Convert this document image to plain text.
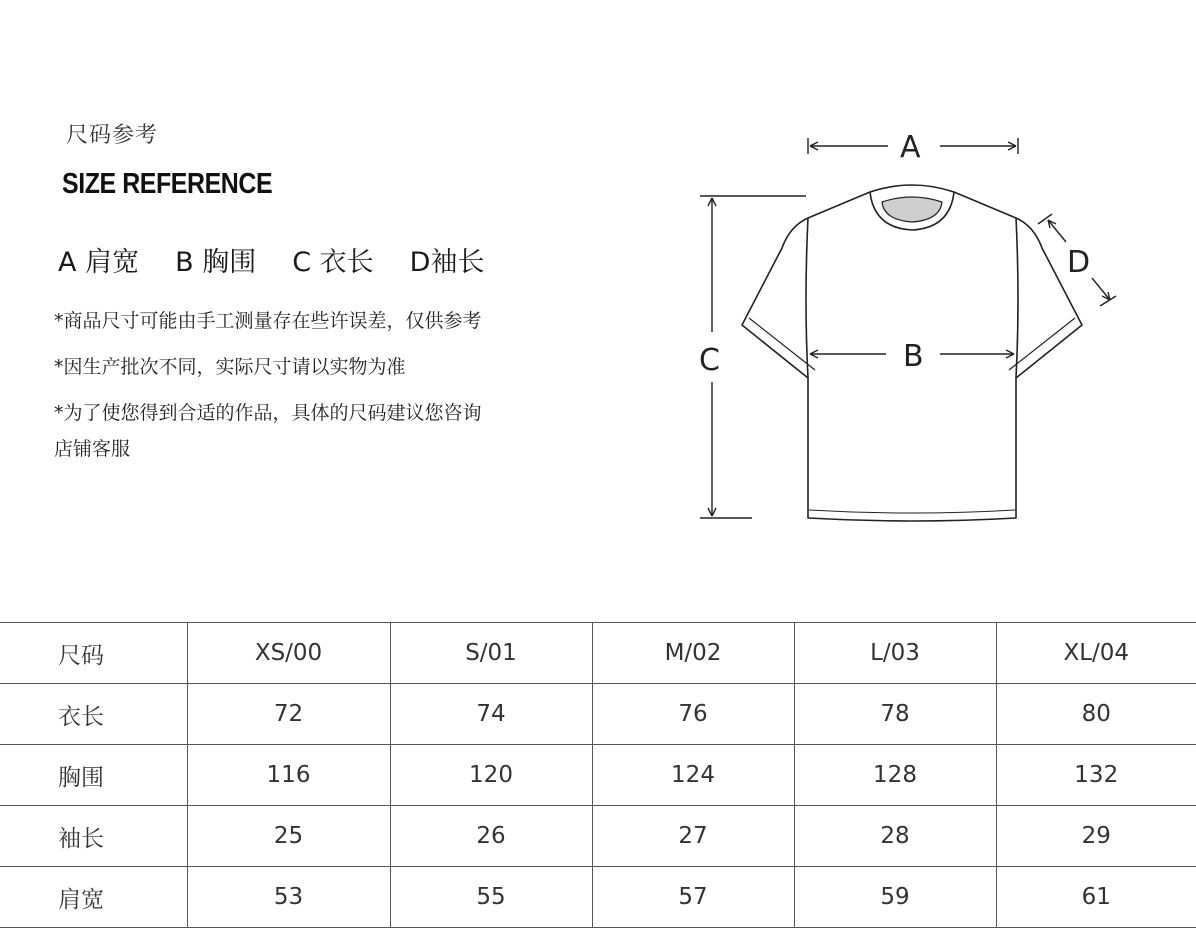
尺码参考
SIZE REFERENCE
A 肩宽 B 胸围 C 衣长 D袖长
*商品尺寸可能由手工测量存在些许误差，仅供参考
*因生产批次不同，实际尺寸请以实物为准
*为了使您得到合适的作品，具体的尺码建议您咨询
店铺客服
A
C	B
D
尺码	XS/00	S/01	M/02	L/03	XL/04
衣长	72	74	76	78	80
胸围	116	120	124	128	132
袖长	25	26	27	28	29
肩宽	53	55	57	59	61
